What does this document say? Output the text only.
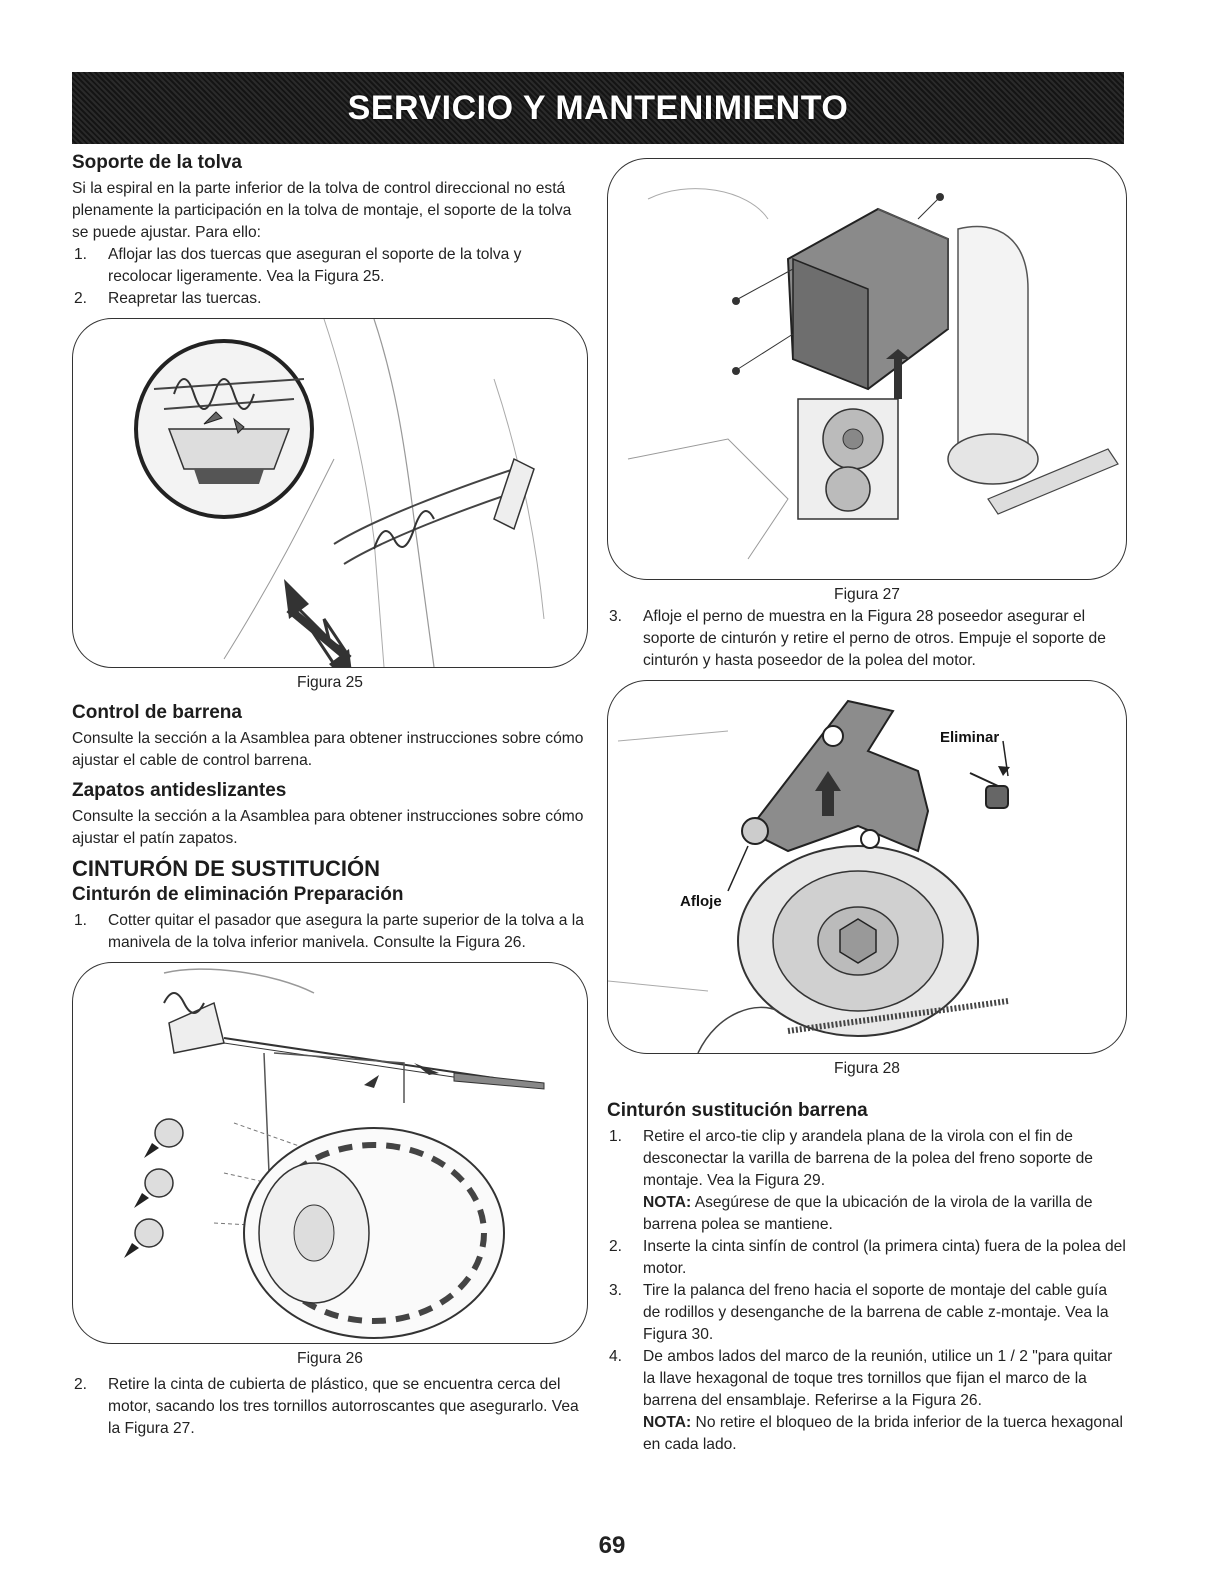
SERVICIO Y MANTENIMIENTO
Soporte de la tolva

Si la espiral en la parte inferior de la tolva de control direccional no está plenamente la participación en la tolva de montaje, el soporte de la tolva se puede ajustar. Para ello:

1. Aflojar las dos tuercas que aseguran el soporte de la tolva y recolocar ligeramente. Vea la Figura 25.
2. Reapretar las tuercas.
Figura 25
Control de barrena

Consulte la sección a la Asamblea para obtener instrucciones sobre cómo ajustar el cable de control barrena.

Zapatos antideslizantes

Consulte la sección a la Asamblea para obtener instrucciones sobre cómo ajustar el patín zapatos.

CINTURÓN DE SUSTITUCIÓN
Cinturón de eliminación Preparación
1. Cotter quitar el pasador que asegura la parte superior de la tolva a la manivela de la tolva inferior manivela. Consulte la Figura 26.
Figura 26
2. Retire la cinta de cubierta de plástico, que se encuentra cerca del motor, sacando los tres tornillos autorroscantes que asegurarlo. Vea la Figura 27.
Figura 27
3. Afloje el perno de muestra en la Figura 28 poseedor asegurar el soporte de cinturón y retire el perno de otros. Empuje el soporte de cinturón y hasta poseedor de la polea del motor.
Eliminar
Afloje
Figura 28
Cinturón sustitución barrena
1. Retire el arco-tie clip y arandela plana de la virola con el fin de desconectar la varilla de barrena de la polea del freno soporte de montaje. Vea la Figura 29.
NOTA: Asegúrese de que la ubicación de la virola de la varilla de barrena polea se mantiene.
2. Inserte la cinta sinfín de control (la primera cinta) fuera de la polea del motor.
3. Tire la palanca del freno hacia el soporte de montaje del cable guía de rodillos y desenganche de la barrena de cable z-montaje. Vea la Figura 30.
4. De ambos lados del marco de la reunión, utilice un 1 / 2 "para quitar la llave hexagonal de toque tres tornillos que fijan el marco de la barrena del ensamblaje. Referirse a la Figura 26.
NOTA: No retire el bloqueo de la brida inferior de la tuerca hexagonal en cada lado.
69
